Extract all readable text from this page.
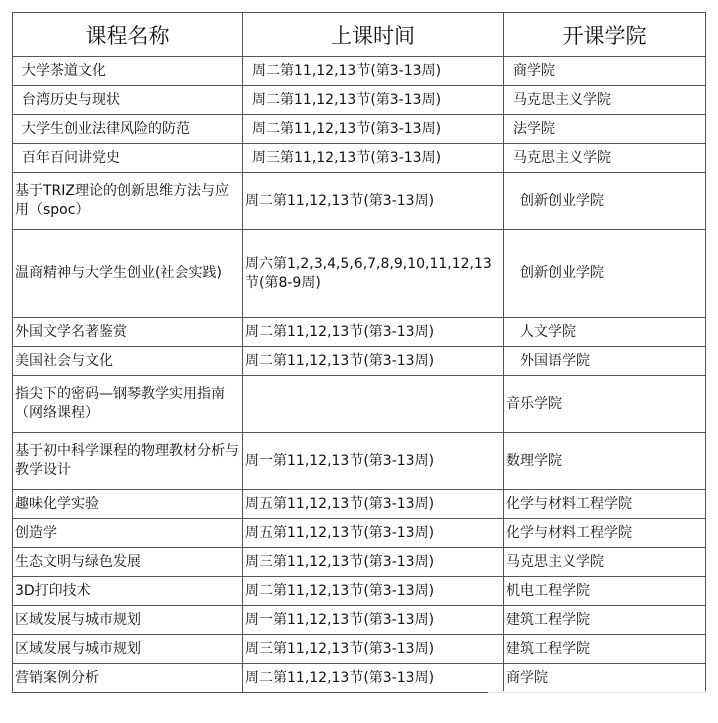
课程名称	上课时间	开课学院
大学茶道文化	周二第11,12,13节(第3-13周)	商学院
台湾历史与现状	周二第11,12,13节(第3-13周)	马克思主义学院
大学生创业法律风险的防范	周二第11,12,13节(第3-13周)	法学院
百年百问讲党史	周三第11,12,13节(第3-13周)	马克思主义学院
基于TRIZ理论的创新思维方法与应用（spoc）	周二第11,12,13节(第3-13周)	创新创业学院
温商精神与大学生创业(社会实践)	周六第1,2,3,4,5,6,7,8,9,10,11,12,13节(第8-9周)	创新创业学院
外国文学名著鉴赏	周二第11,12,13节(第3-13周)	人文学院
美国社会与文化	周二第11,12,13节(第3-13周)	外国语学院
指尖下的密码—钢琴教学实用指南（网络课程）		音乐学院
基于初中科学课程的物理教材分析与教学设计	周一第11,12,13节(第3-13周)	数理学院
趣味化学实验	周五第11,12,13节(第3-13周)	化学与材料工程学院
创造学	周五第11,12,13节(第3-13周)	化学与材料工程学院
生态文明与绿色发展	周三第11,12,13节(第3-13周)	马克思主义学院
3D打印技术	周二第11,12,13节(第3-13周)	机电工程学院
区域发展与城市规划	周一第11,12,13节(第3-13周)	建筑工程学院
区域发展与城市规划	周三第11,12,13节(第3-13周)	建筑工程学院
营销案例分析	周二第11,12,13节(第3-13周)	商学院
